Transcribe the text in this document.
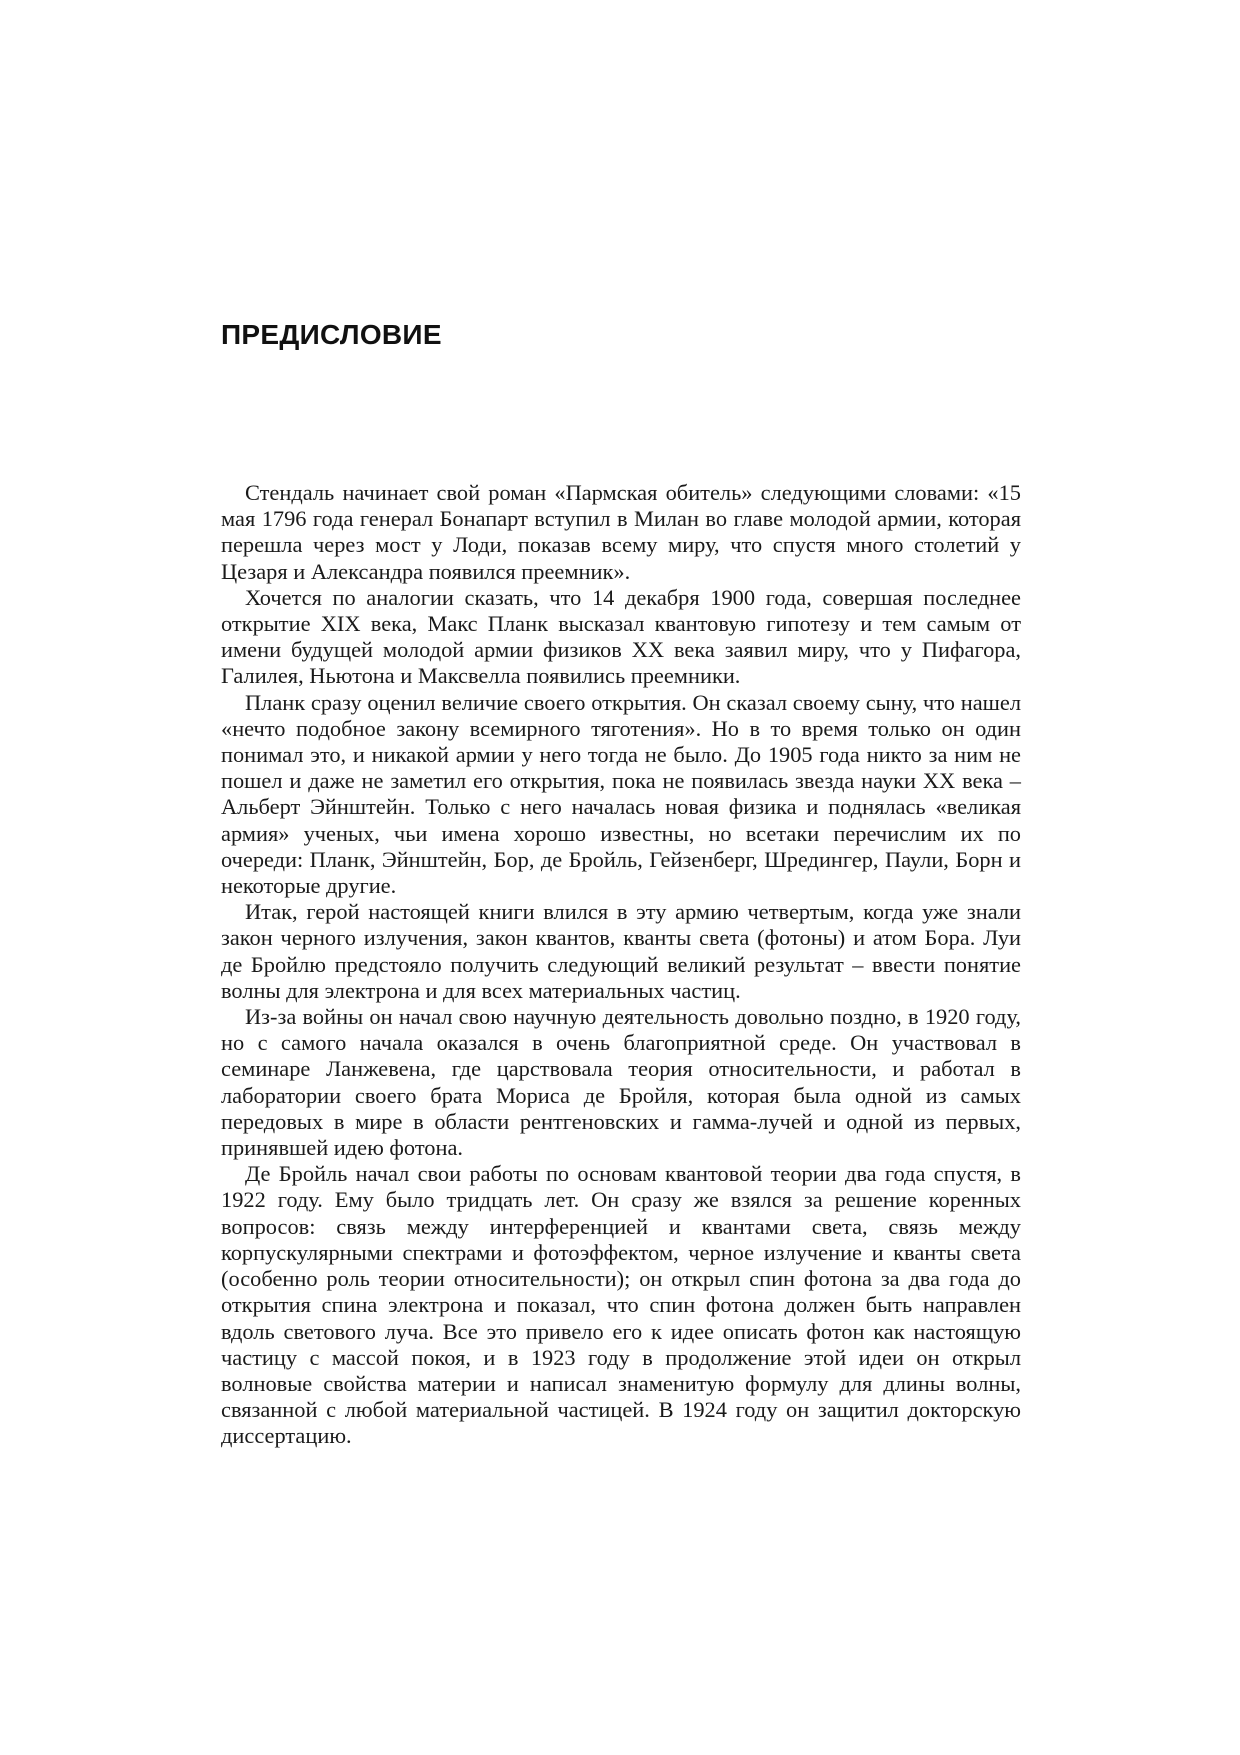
ПРЕДИСЛОВИЕ

Стендаль начинает свой роман «Пармская обитель» следующими словами: «15 мая 1796 года генерал Бонапарт вступил в Милан во главе молодой армии, которая перешла через мост у Лоди, показав всему миру, что спустя много столетий у Цезаря и Александра появился преемник».

Хочется по аналогии сказать, что 14 декабря 1900 года, совершая последнее открытие XIX века, Макс Планк высказал квантовую гипотезу и тем самым от имени будущей молодой армии физиков XX века заявил миру, что у Пифагора, Галилея, Ньютона и Максвелла появились преемники.

Планк сразу оценил величие своего открытия. Он сказал своему сыну, что нашел «нечто подобное закону всемирного тяготения». Но в то время только он один понимал это, и никакой армии у него тогда не было. До 1905 года никто за ним не пошел и даже не заметил его открытия, пока не появилась звезда науки XX века – Альберт Эйнштейн. Только с него началась новая физика и поднялась «великая армия» ученых, чьи имена хорошо известны, но всетаки перечислим их по очереди: Планк, Эйнштейн, Бор, де Бройль, Гейзенберг, Шредингер, Паули, Борн и некоторые другие.

Итак, герой настоящей книги влился в эту армию четвертым, когда уже знали закон черного излучения, закон квантов, кванты света (фотоны) и атом Бора. Луи де Бройлю предстояло получить следующий великий результат – ввести понятие волны для электрона и для всех материальных частиц.

Из-за войны он начал свою научную деятельность довольно поздно, в 1920 году, но с самого начала оказался в очень благоприятной среде. Он участвовал в семинаре Ланжевена, где царствовала теория относительности, и работал в лаборатории своего брата Мориса де Бройля, которая была одной из самых передовых в мире в области рентгеновских и гамма-лучей и одной из первых, принявшей идею фотона.

Де Бройль начал свои работы по основам квантовой теории два года спустя, в 1922 году. Ему было тридцать лет. Он сразу же взялся за решение коренных вопросов: связь между интерференцией и квантами света, связь между корпускулярными спектрами и фотоэффектом, черное излучение и кванты света (особенно роль теории относительности); он открыл спин фотона за два года до открытия спина электрона и показал, что спин фотона должен быть направлен вдоль светового луча. Все это привело его к идее описать фотон как настоящую частицу с массой покоя, и в 1923 году в продолжение этой идеи он открыл волновые свойства материи и написал знаменитую формулу для длины волны, связанной с любой материальной частицей. В 1924 году он защитил докторскую диссертацию.
